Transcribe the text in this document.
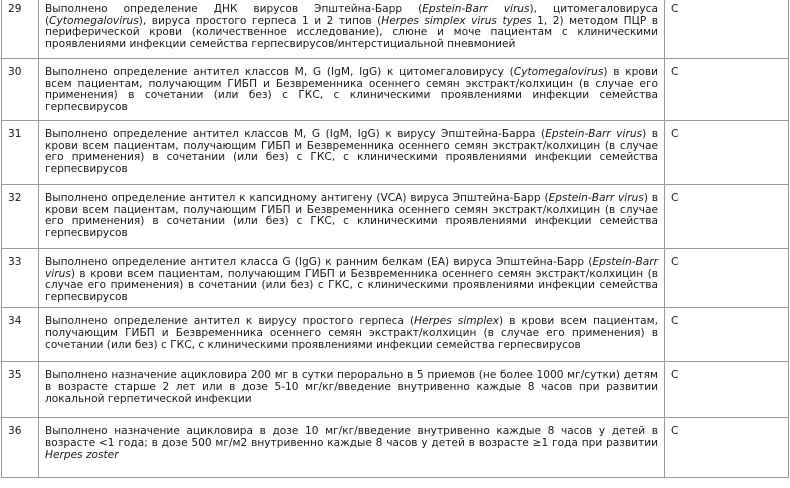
29	Выполнено определение ДНК вирусов Эпштейна-Барр (Epstein-Barr virus), цитомегаловируса (Cytomegalovirus), вируса простого герпеса 1 и 2 типов (Herpes simplex virus types 1, 2) методом ПЦР в периферической крови (количественное исследование), слюне и моче пациентам с клиническими проявлениями инфекции семейства герпесвирусов/интерстициальной пневмонией	C
30	Выполнено определение антител классов M, G (IgM, IgG) к цитомегаловирусу (Cytomegalovirus) в крови всем пациентам, получающим ГИБП и Безвременника осеннего семян экстракт/колхицин (в случае его применения) в сочетании (или без) с ГКС, с клиническими проявлениями инфекции семейства герпесвирусов	C
31	Выполнено определение антител классов M, G (IgM, IgG) к вирусу Эпштейна-Барра (Epstein-Barr virus) в крови всем пациентам, получающим ГИБП и Безвременника осеннего семян экстракт/колхицин (в случае его применения) в сочетании (или без) с ГКС, с клиническими проявлениями инфекции семейства герпесвирусов	C
32	Выполнено определение антител к капсидному антигену (VCA) вируса Эпштейна-Барр (Epstein-Barr virus) в крови всем пациентам, получающим ГИБП и Безвременника осеннего семян экстракт/колхицин (в случае его применения) в сочетании (или без) с ГКС, с клиническими проявлениями инфекции семейства герпесвирусов	C
33	Выполнено определение антител класса G (IgG) к ранним белкам (EA) вируса Эпштейна-Барр (Epstein-Barr virus) в крови всем пациентам, получающим ГИБП и Безвременника осеннего семян экстракт/колхицин (в случае его применения) в сочетании (или без) с ГКС, с клиническими проявлениями инфекции семейства герпесвирусов	C
34	Выполнено определение антител к вирусу простого герпеса (Herpes simplex) в крови всем пациентам, получающим ГИБП и Безвременника осеннего семян экстракт/колхицин (в случае его применения) в сочетании (или без) с ГКС, с клиническими проявлениями инфекции семейства герпесвирусов	C
35	Выполнено назначение ацикловира 200 мг в сутки перорально в 5 приемов (не более 1000 мг/сутки) детям в возрасте старше 2 лет или в дозе 5-10 мг/кг/введение внутривенно каждые 8 часов при развитии локальной герпетической инфекции	C
36	Выполнено назначение ацикловира в дозе 10 мг/кг/введение внутривенно каждые 8 часов у детей в возрасте <1 года; в дозе 500 мг/м2 внутривенно каждые 8 часов у детей в возрасте ≥1 года при развитии Herpes zoster	C
